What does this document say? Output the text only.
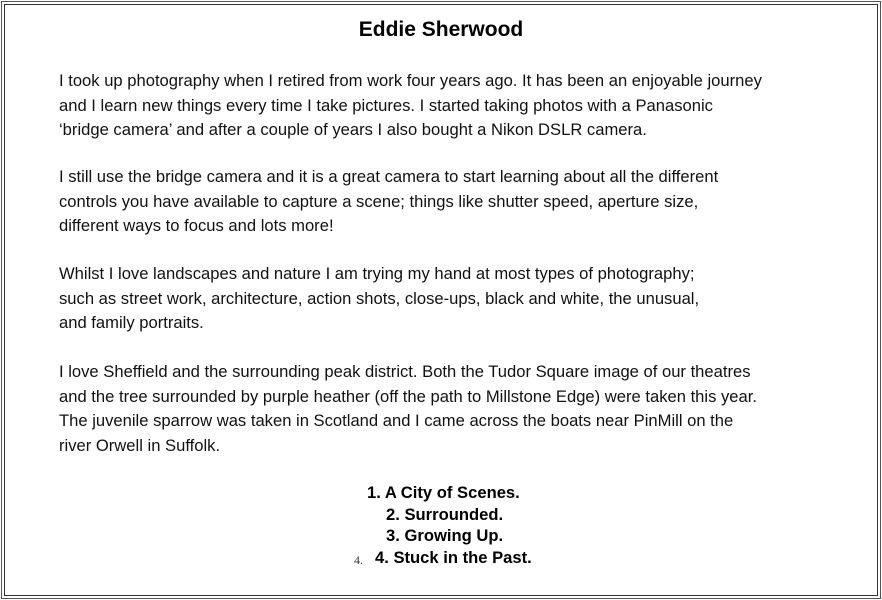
Eddie Sherwood
I took up photography when I retired from work four years ago. It has been an enjoyable journey
and I learn new things every time I take pictures. I started taking photos with a Panasonic
‘bridge camera’ and after a couple of years I also bought a Nikon DSLR camera.
I still use the bridge camera and it is a great camera to start learning about all the different
controls you have available to capture a scene; things like shutter speed, aperture size,
different ways to focus and lots more!
Whilst I love landscapes and nature I am trying my hand at most types of photography;
such as street work, architecture, action shots, close-ups, black and white, the unusual,
and family portraits.
I love Sheffield and the surrounding peak district. Both the Tudor Square image of our theatres
and the tree surrounded by purple heather (off the path to Millstone Edge) were taken this year.
The juvenile sparrow was taken in Scotland and I came across the boats near PinMill on the
river Orwell in Suffolk.
1. A City of Scenes.
2. Surrounded.
3. Growing Up.
4. 4. Stuck in the Past.
